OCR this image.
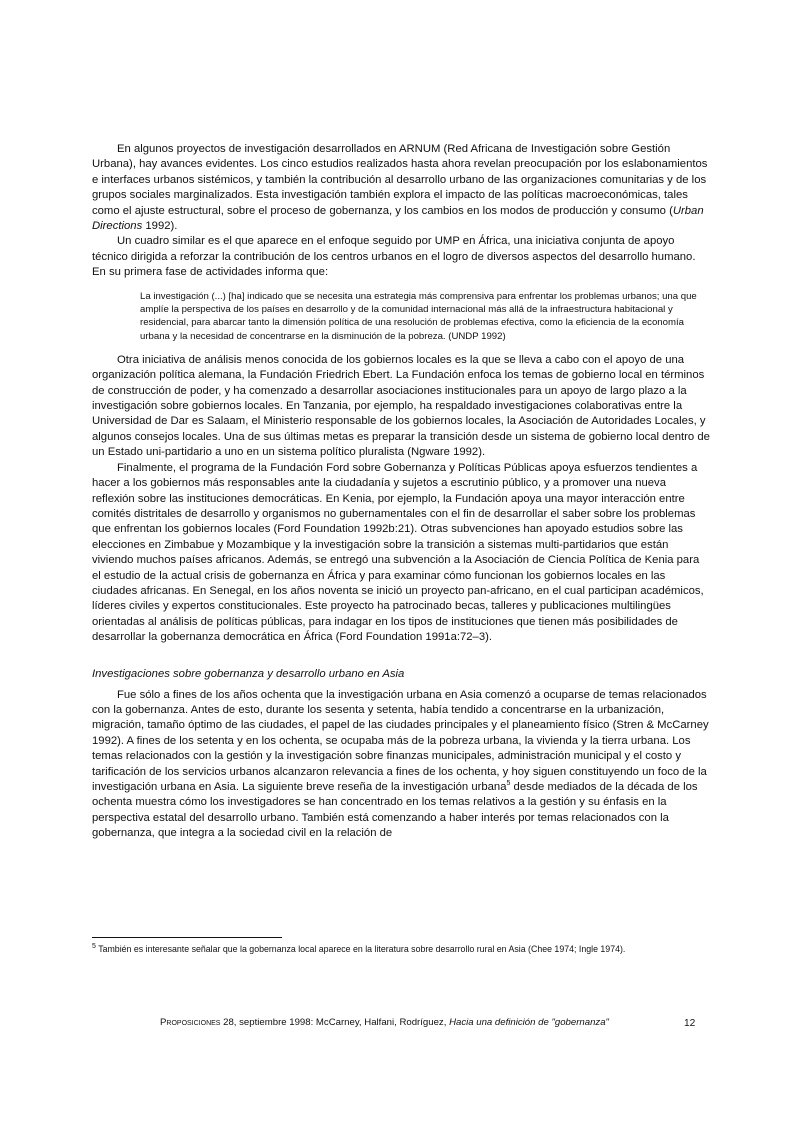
En algunos proyectos de investigación desarrollados en ARNUM (Red Africana de Investigación sobre Gestión Urbana), hay avances evidentes. Los cinco estudios realizados hasta ahora revelan preocupación por los eslabonamientos e interfaces urbanos sistémicos, y también la contribución al desarrollo urbano de las organizaciones comunitarias y de los grupos sociales marginalizados. Esta investigación también explora el impacto de las políticas macroeconómicas, tales como el ajuste estructural, sobre el proceso de gobernanza, y los cambios en los modos de producción y consumo (Urban Directions 1992).

Un cuadro similar es el que aparece en el enfoque seguido por UMP en África, una iniciativa conjunta de apoyo técnico dirigida a reforzar la contribución de los centros urbanos en el logro de diversos aspectos del desarrollo humano. En su primera fase de actividades informa que:

La investigación (...) [ha] indicado que se necesita una estrategia más comprensiva para enfrentar los problemas urbanos; una que amplíe la perspectiva de los países en desarrollo y de la comunidad internacional más allá de la infraestructura habitacional y residencial, para abarcar tanto la dimensión política de una resolución de problemas efectiva, como la eficiencia de la economía urbana y la necesidad de concentrarse en la disminución de la pobreza. (UNDP 1992)

Otra iniciativa de análisis menos conocida de los gobiernos locales es la que se lleva a cabo con el apoyo de una organización política alemana, la Fundación Friedrich Ebert. La Fundación enfoca los temas de gobierno local en términos de construcción de poder, y ha comenzado a desarrollar asociaciones institucionales para un apoyo de largo plazo a la investigación sobre gobiernos locales. En Tanzania, por ejemplo, ha respaldado investigaciones colaborativas entre la Universidad de Dar es Salaam, el Ministerio responsable de los gobiernos locales, la Asociación de Autoridades Locales, y algunos consejos locales. Una de sus últimas metas es preparar la transición desde un sistema de gobierno local dentro de un Estado uni-partidario a uno en un sistema político pluralista (Ngware 1992).

Finalmente, el programa de la Fundación Ford sobre Gobernanza y Políticas Públicas apoya esfuerzos tendientes a hacer a los gobiernos más responsables ante la ciudadanía y sujetos a escrutinio público, y a promover una nueva reflexión sobre las instituciones democráticas. En Kenia, por ejemplo, la Fundación apoya una mayor interacción entre comités distritales de desarrollo y organismos no gubernamentales con el fin de desarrollar el saber sobre los problemas que enfrentan los gobiernos locales (Ford Foundation 1992b:21). Otras subvenciones han apoyado estudios sobre las elecciones en Zimbabue y Mozambique y la investigación sobre la transición a sistemas multi-partidarios que están viviendo muchos países africanos. Además, se entregó una subvención a la Asociación de Ciencia Política de Kenia para el estudio de la actual crisis de gobernanza en África y para examinar cómo funcionan los gobiernos locales en las ciudades africanas. En Senegal, en los años noventa se inició un proyecto pan-africano, en el cual participan académicos, líderes civiles y expertos constitucionales. Este proyecto ha patrocinado becas, talleres y publicaciones multilingües orientadas al análisis de políticas públicas, para indagar en los tipos de instituciones que tienen más posibilidades de desarrollar la gobernanza democrática en África (Ford Foundation 1991a:72–3).

Investigaciones sobre gobernanza y desarrollo urbano en Asia

Fue sólo a fines de los años ochenta que la investigación urbana en Asia comenzó a ocuparse de temas relacionados con la gobernanza. Antes de esto, durante los sesenta y setenta, había tendido a concentrarse en la urbanización, migración, tamaño óptimo de las ciudades, el papel de las ciudades principales y el planeamiento físico (Stren & McCarney 1992). A fines de los setenta y en los ochenta, se ocupaba más de la pobreza urbana, la vivienda y la tierra urbana. Los temas relacionados con la gestión y la investigación sobre finanzas municipales, administración municipal y el costo y tarificación de los servicios urbanos alcanzaron relevancia a fines de los ochenta, y hoy siguen constituyendo un foco de la investigación urbana en Asia. La siguiente breve reseña de la investigación urbana$^5$ desde mediados de la década de los ochenta muestra cómo los investigadores se han concentrado en los temas relativos a la gestión y su énfasis en la perspectiva estatal del desarrollo urbano. También está comenzando a haber interés por temas relacionados con la gobernanza, que integra a la sociedad civil en la relación de

$^5$ También es interesante señalar que la gobernanza local aparece en la literatura sobre desarrollo rural en Asia (Chee 1974; Ingle 1974).
Proposiciones 28, septiembre 1998: McCarney, Halfani, Rodríguez, Hacia una definición de "gobernanza"	12
